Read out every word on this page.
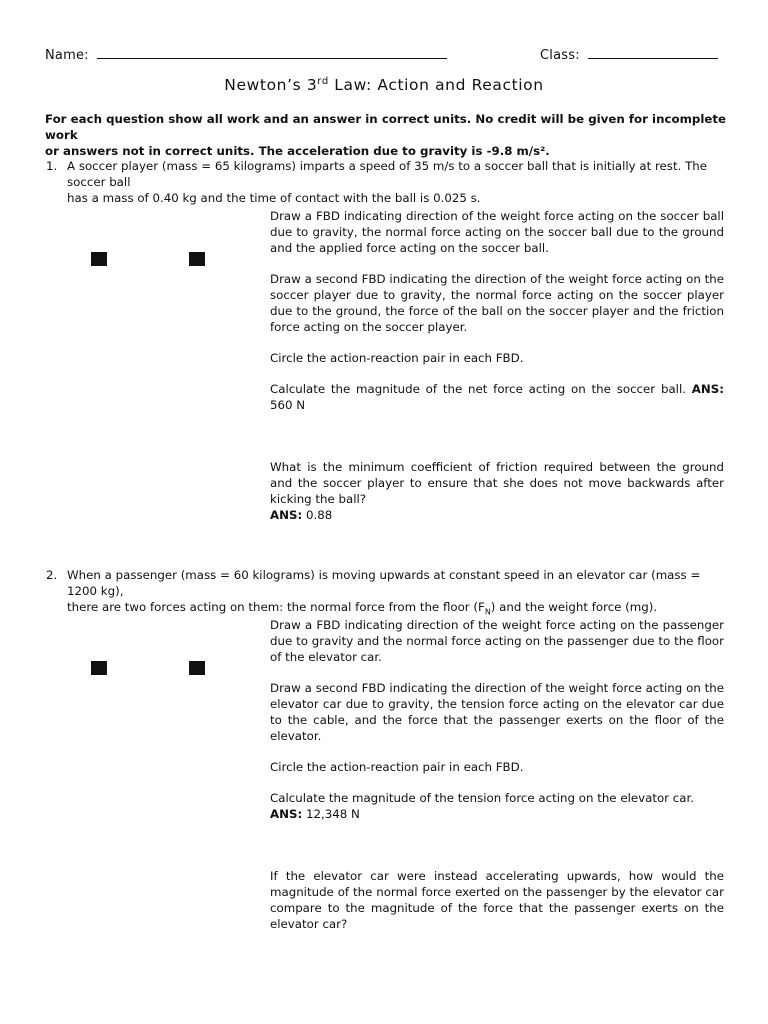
Name:	Class:
Newton’s 3rd Law: Action and Reaction
For each question show all work and an answer in correct units. No credit will be given for incomplete work
or answers not in correct units. The acceleration due to gravity is -9.8 m/s².
1. A soccer player (mass = 65 kilograms) imparts a speed of 35 m/s to a soccer ball that is initially at rest. The soccer ball
has a mass of 0.40 kg and the time of contact with the ball is 0.025 s.

Draw a FBD indicating direction of the weight force acting on the soccer ball due to gravity, the normal force acting on the soccer ball due to the ground and the applied force acting on the soccer ball.

Draw a second FBD indicating the direction of the weight force acting on the soccer player due to gravity, the normal force acting on the soccer player due to the ground, the force of the ball on the soccer player and the friction force acting on the soccer player.

Circle the action-reaction pair in each FBD.

Calculate the magnitude of the net force acting on the soccer ball. ANS: 560 N

What is the minimum coefficient of friction required between the ground and the soccer player to ensure that she does not move backwards after kicking the ball?
ANS: 0.88

2. When a passenger (mass = 60 kilograms) is moving upwards at constant speed in an elevator car (mass = 1200 kg),
there are two forces acting on them: the normal force from the floor $(F_N)$ and the weight force (mg).

Draw a FBD indicating direction of the weight force acting on the passenger due to gravity and the normal force acting on the passenger due to the floor of the elevator car.

Draw a second FBD indicating the direction of the weight force acting on the elevator car due to gravity, the tension force acting on the elevator car due to the cable, and the force that the passenger exerts on the floor of the elevator.

Circle the action-reaction pair in each FBD.

Calculate the magnitude of the tension force acting on the elevator car.
ANS: 12,348 N

If the elevator car were instead accelerating upwards, how would the magnitude of the normal force exerted on the passenger by the elevator car compare to the magnitude of the force that the passenger exerts on the elevator car?
